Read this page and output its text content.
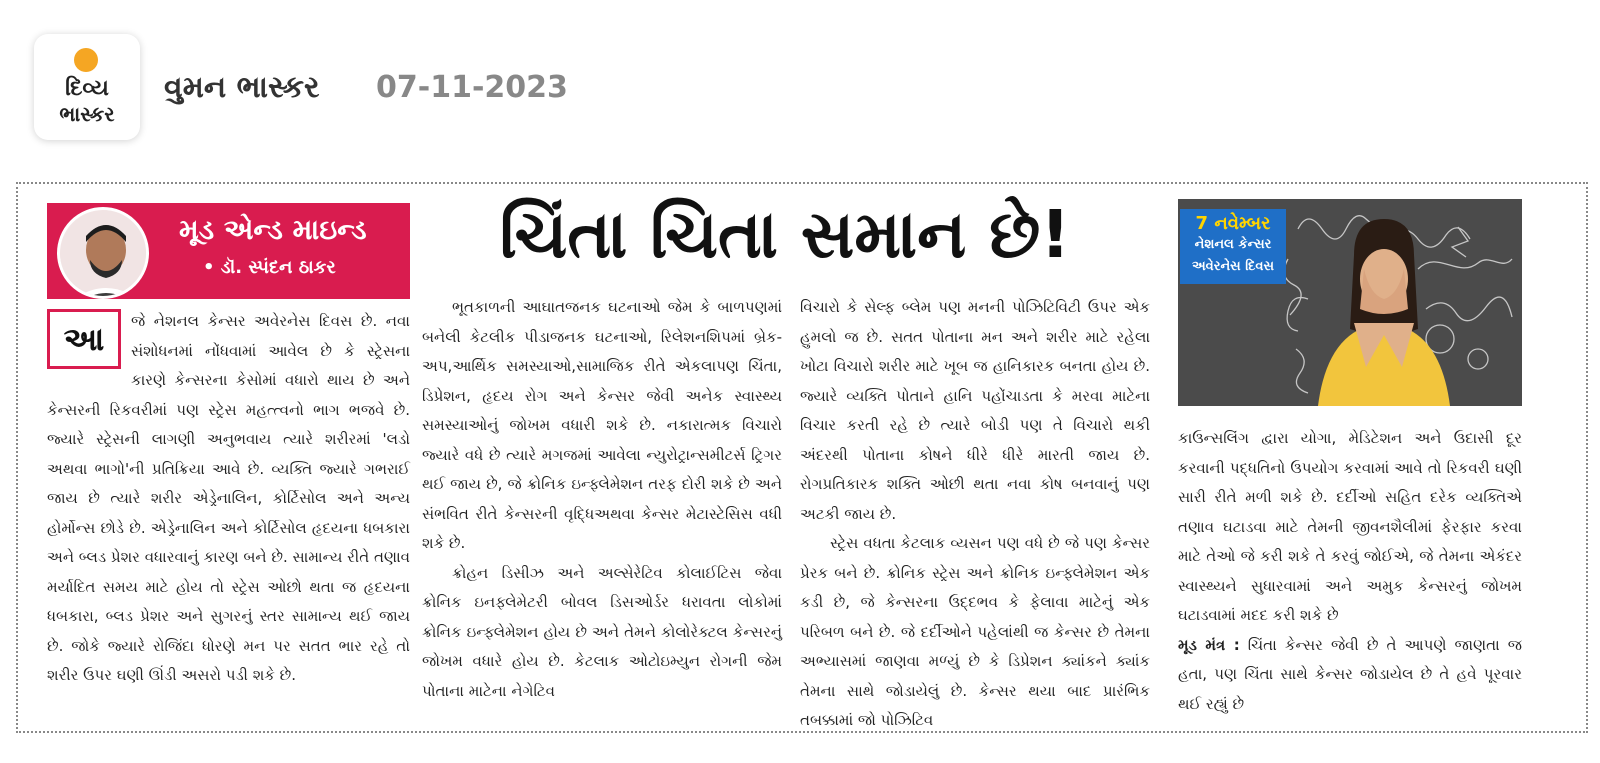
દિવ્ય
ભાસ્કર
વુમન ભાસ્કર 07-11-2023
મૂડ એન્ડ માઇન્ડ
• ડૉ. સ્પંદન ઠાકર	ચિંતા ચિતા સમાન છે!	7 નવેમ્બર
નેશનલ કેન્સર
અવેરનેસ દિવસ
આ	જે નેશનલ કેન્સર અવેરનેસ દિવસ છે. નવા સંશોધનમાં નોંધવામાં આવેલ છે કે સ્ટ્રેસના કારણે કેન્સરના કેસોમાં વધારો થાય છે અને કેન્સરની રિકવરીમાં પણ સ્ટ્રેસ મહત્ત્વનો ભાગ ભજવે છે. જ્યારે સ્ટ્રેસની લાગણી અનુભવાય ત્યારે શરીરમાં 'લડો અથવા ભાગો'ની પ્રતિક્રિયા આવે છે. વ્યક્તિ જ્યારે ગભરાઈ જાય છે ત્યારે શરીર એડ્રેનાલિન, કોર્ટિસોલ અને અન્ય હોર્મોન્સ છોડે છે. એડ્રેનાલિન અને કોર્ટિસોલ હૃદયના ધબકારા અને બ્લડ પ્રેશર વધારવાનું કારણ બને છે. સામાન્ય રીતે તણાવ મર્યાદિત સમય માટે હોય તો સ્ટ્રેસ ઓછો થતા જ હૃદયના ધબકારા, બ્લડ પ્રેશર અને સુગરનું સ્તર સામાન્ય થઈ જાય છે. જોકે જ્યારે રોજિંદા ધોરણે મન પર સતત ભાર રહે તો શરીર ઉપર ઘણી ઊંડી અસરો પડી શકે છે.

ભૂતકાળની આઘાતજનક ઘટનાઓ જેમ કે બાળપણમાં બનેલી કેટલીક પીડાજનક ઘટનાઓ, રિલેશનશિપમાં બ્રેક-અપ,આર્થિક સમસ્યાઓ,સામાજિક રીતે એકલાપણ ચિંતા, ડિપ્રેશન, હૃદય રોગ અને કેન્સર જેવી અનેક સ્વાસ્થ્ય સમસ્યાઓનું જોખમ વધારી શકે છે. નકારાત્મક વિચારો જ્યારે વધે છે ત્યારે મગજમાં આવેલા ન્યુરોટ્રાન્સમીટર્સ ટ્રિગર થઈ જાય છે, જે ક્રોનિક ઇન્ફ્લેમેશન તરફ દોરી શકે છે અને સંભવિત રીતે કેન્સરની વૃદ્ધિઅથવા કેન્સર મેટાસ્ટેસિસ વધી શકે છે.

ક્રોહન ડિસીઝ અને અલ્સેરેટિવ કોલાઈટિસ જેવા ક્રોનિક ઇનફ્લેમેટરી બોવલ ડિસઓર્ડર ધરાવતા લોકોમાં ક્રોનિક ઇન્ફ્લેમેશન હોય છે અને તેમને કોલોરેક્ટલ કેન્સરનું જોખમ વધારે હોય છે. કેટલાક ઓટોઇમ્યુન રોગની જેમ પોતાના માટેના નેગેટિવ

વિચારો કે સેલ્ફ બ્લેમ પણ મનની પોઝિટિવિટી ઉપર એક હુમલો જ છે. સતત પોતાના મન અને શરીર માટે રહેલા ખોટા વિચારો શરીર માટે ખૂબ જ હાનિકારક બનતા હોય છે. જ્યારે વ્યક્તિ પોતાને હાનિ પહોંચાડતા કે મરવા માટેના વિચાર કરતી રહે છે ત્યારે બોડી પણ તે વિચારો થકી અંદરથી પોતાના કોષને ધીરે ધીરે મારતી જાય છે. રોગપ્રતિકારક શક્તિ ઓછી થતા નવા કોષ બનવાનું પણ અટકી જાય છે.

સ્ટ્રેસ વધતા કેટલાક વ્યસન પણ વધે છે જે પણ કેન્સર પ્રેરક બને છે. ક્રોનિક સ્ટ્રેસ અને ક્રોનિક ઇન્ફ્લેમેશન એક કડી છે, જે કેન્સરના ઉદ્દભવ કે ફેલાવા માટેનું એક પરિબળ બને છે. જે દર્દીઓને પહેલાંથી જ કેન્સર છે તેમના અભ્યાસમાં જાણવા મળ્યું છે કે ડિપ્રેશન ક્યાંકને ક્યાંક તેમના સાથે જોડાયેલું છે. કેન્સર થયા બાદ પ્રારંભિક તબક્કામાં જો પોઝિટિવ

કાઉન્સલિંગ દ્વારા યોગા, મેડિટેશન અને ઉદાસી દૂર કરવાની પદ્ધતિનો ઉપયોગ કરવામાં આવે તો રિકવરી ઘણી સારી રીતે મળી શકે છે. દર્દીઓ સહિત દરેક વ્યક્તિએ તણાવ ઘટાડવા માટે તેમની જીવનશૈલીમાં ફેરફાર કરવા માટે તેઓ જે કરી શકે તે કરવું જોઈએ, જે તેમના એકંદર સ્વાસ્થ્યને સુધારવામાં અને અમુક કેન્સરનું જોખમ ઘટાડવામાં મદદ કરી શકે છે

મૂડ મંત્ર : ચિંતા કેન્સર જેવી છે તે આપણે જાણતા જ હતા, પણ ચિંતા સાથે કેન્સર જોડાયેલ છે તે હવે પૂરવાર થઈ રહ્યું છે
